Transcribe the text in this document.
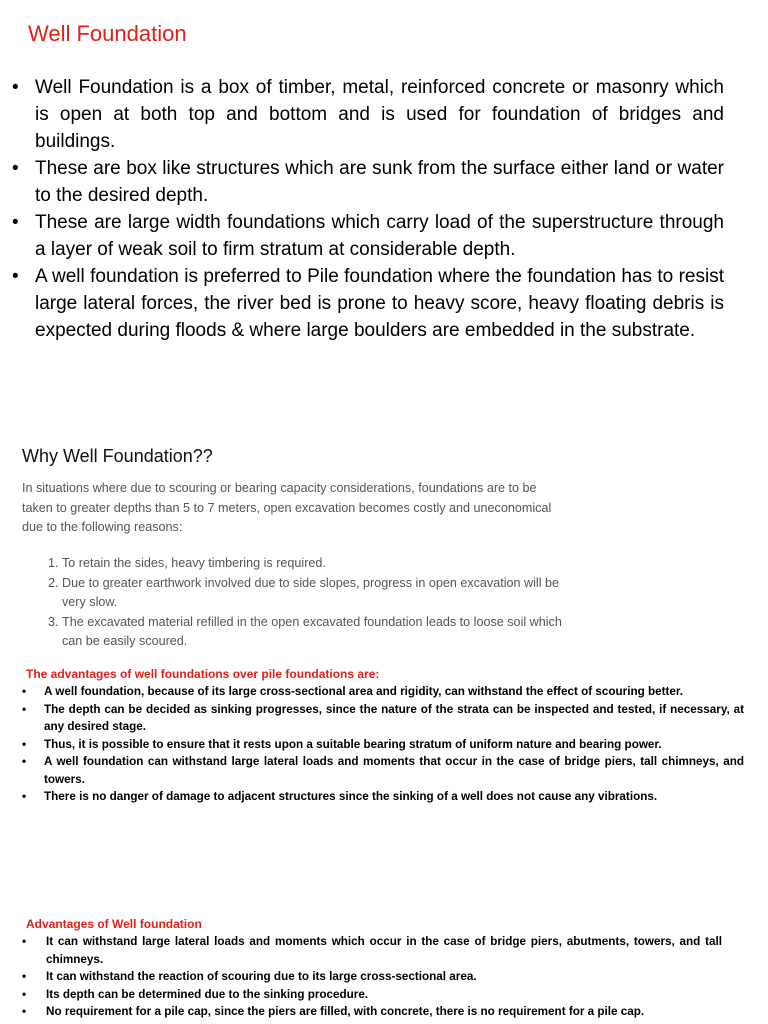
Well Foundation
• Well Foundation is a box of timber, metal, reinforced concrete or masonry which is open at both top and bottom and is used for foundation of bridges and buildings.
• These are box like structures which are sunk from the surface either land or water to the desired depth.
• These are large width foundations which carry load of the superstructure through a layer of weak soil to firm stratum at considerable depth.
• A well foundation is preferred to Pile foundation where the foundation has to resist large lateral forces, the river bed is prone to heavy score, heavy floating debris is expected during floods & where large boulders are embedded in the substrate.
Why Well Foundation??
In situations where due to scouring or bearing capacity considerations, foundations are to be taken to greater depths than 5 to 7 meters, open excavation becomes costly and uneconomical due to the following reasons:
1. To retain the sides, heavy timbering is required.
2. Due to greater earthwork involved due to side slopes, progress in open excavation will be very slow.
3. The excavated material refilled in the open excavated foundation leads to loose soil which can be easily scoured.
The advantages of well foundations over pile foundations are:
•	A well foundation, because of its large cross-sectional area and rigidity, can withstand the effect of scouring better.
•	The depth can be decided as sinking progresses, since the nature of the strata can be inspected and tested, if necessary, at any desired stage.
•	Thus, it is possible to ensure that it rests upon a suitable bearing stratum of uniform nature and bearing power.
•	A well foundation can withstand large lateral loads and moments that occur in the case of bridge piers, tall chimneys, and towers.
•	There is no danger of damage to adjacent structures since the sinking of a well does not cause any vibrations.
Advantages of Well foundation
•	It can withstand large lateral loads and moments which occur in the case of bridge piers, abutments, towers, and tall chimneys.
•	It can withstand the reaction of scouring due to its large cross-sectional area.
•	Its depth can be determined due to the sinking procedure.
•	No requirement for a pile cap, since the piers are filled, with concrete, there is no requirement for a pile cap.
